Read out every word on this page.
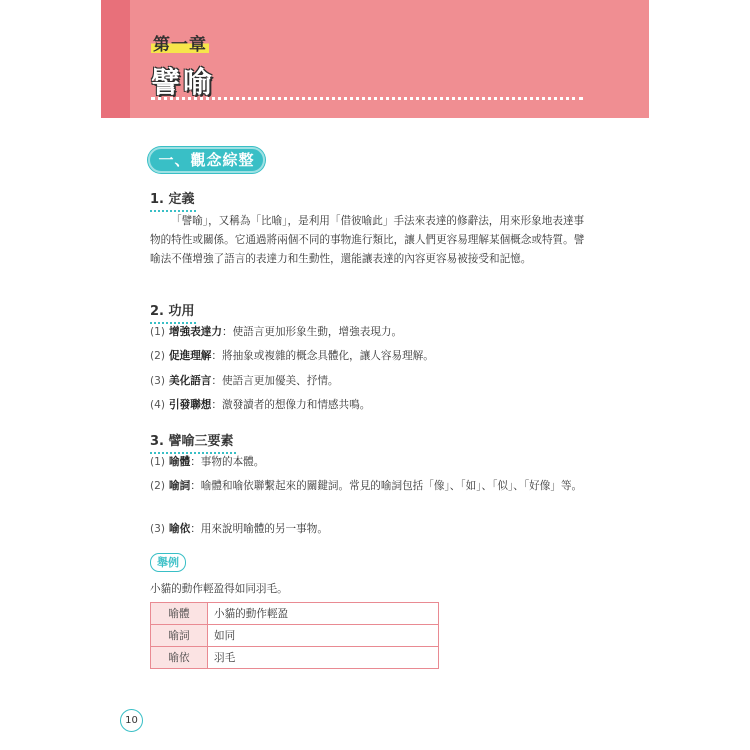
第一章
譬喻
一、觀念綜整
1. 定義
「譬喻」，又稱為「比喻」，是利用「借彼喻此」手法來表達的修辭法，用來形象地表達事物的特性或關係。它通過將兩個不同的事物進行類比，讓人們更容易理解某個概念或特質。譬喻法不僅增強了語言的表達力和生動性，還能讓表達的內容更容易被接受和記憶。
2. 功用
(1) 增強表達力：使語言更加形象生動，增強表現力。
(2) 促進理解：將抽象或複雜的概念具體化，讓人容易理解。
(3) 美化語言：使語言更加優美、抒情。
(4) 引發聯想：激發讀者的想像力和情感共鳴。
3. 譬喻三要素
(1) 喻體：事物的本體。
(2) 喻詞：喻體和喻依聯繫起來的關鍵詞。常見的喻詞包括「像」、「如」、「似」、「好像」等。
(3) 喻依：用來說明喻體的另一事物。
舉例
小貓的動作輕盈得如同羽毛。
喻體	小貓的動作輕盈
喻詞	如同
喻依	羽毛
10
